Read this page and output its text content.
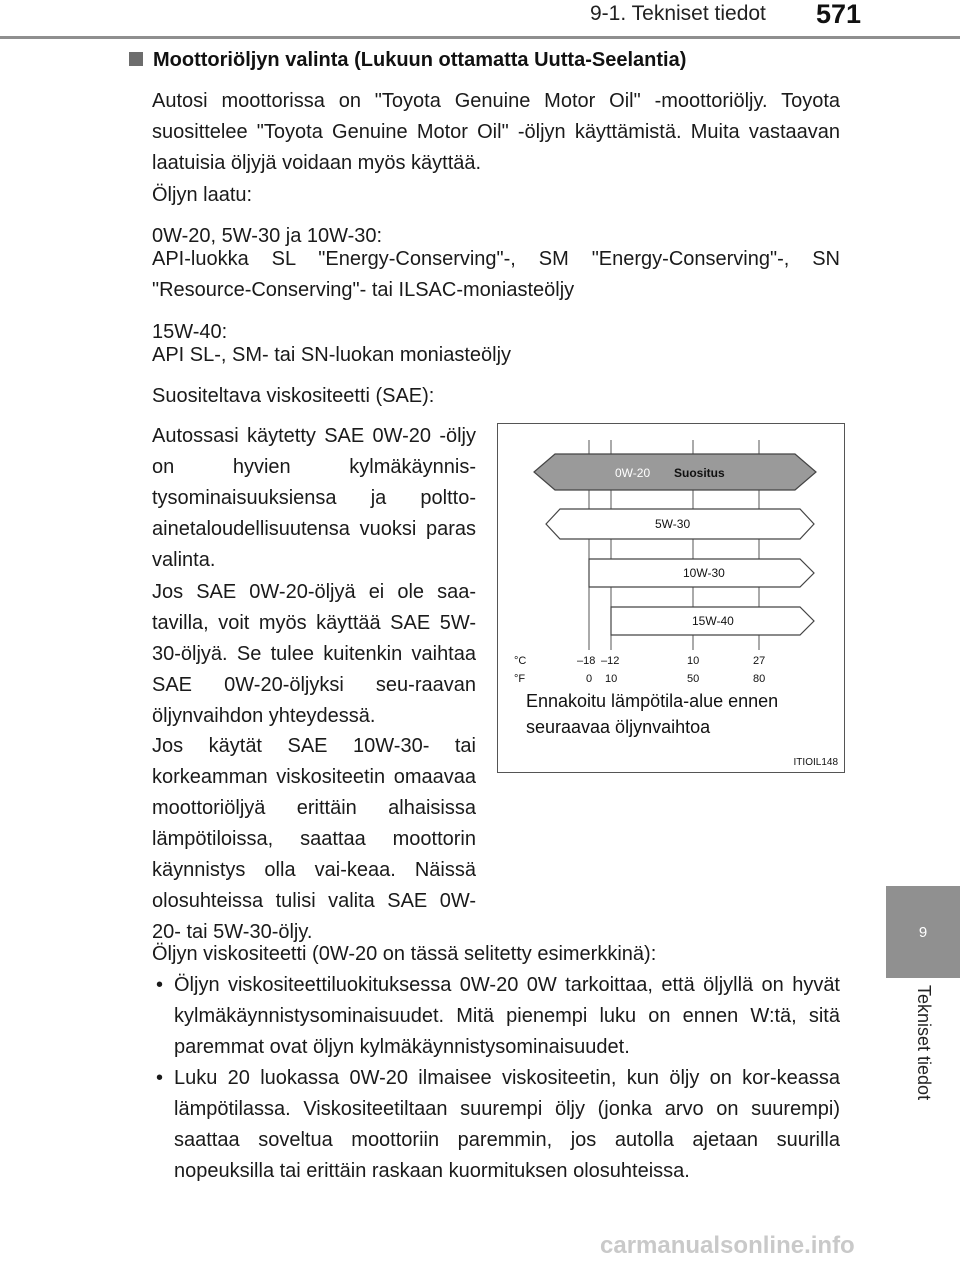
9-1. Tekniset tiedot 571
9
Tekniset tiedot
Moottoriöljyn valinta (Lukuun ottamatta Uutta-Seelantia)
Autosi moottorissa on "Toyota Genuine Motor Oil" -moottoriöljy. Toyota suosittelee "Toyota Genuine Motor Oil" -öljyn käyttämistä. Muita vastaavan laatuisia öljyjä voidaan myös käyttää.
Öljyn laatu:
0W-20, 5W-30 ja 10W-30:
API-luokka SL "Energy-Conserving"-, SM "Energy-Conserving"-, SN "Resource-Conserving"- tai ILSAC-moniasteöljy
15W-40:
API SL-, SM- tai SN-luokan moniasteöljy
Suositeltava viskositeetti (SAE):
Autossasi käytetty SAE 0W-20 -öljy on hyvien kylmäkäynnis-tysominaisuuksiensa ja poltto-ainetaloudellisuutensa vuoksi paras valinta.
Jos SAE 0W-20-öljyä ei ole saa-tavilla, voit myös käyttää SAE 5W-30-öljyä. Se tulee kuitenkin vaihtaa SAE 0W-20-öljyksi seu-raavan öljynvaihdon yhteydessä.
Jos käytät SAE 10W-30- tai korkeamman viskositeetin omaavaa moottoriöljyä erittäin alhaisissa lämpötiloissa, saattaa moottorin käynnistys olla vai-keaa. Näissä olosuhteissa tulisi valita SAE 0W-20- tai 5W-30-öljy.
0W-20 Suositus
5W-30
10W-30
15W-40
°C
°F
–18 –12	10	27
0 10	50	80
Ennakoitu lämpötila-alue ennen seuraavaa öljynvaihtoa
ITIOIL148
Öljyn viskositeetti (0W-20 on tässä selitetty esimerkkinä):
• Öljyn viskositeettiluokituksessa 0W-20 0W tarkoittaa, että öljyllä on hyvät kylmäkäynnistysominaisuudet. Mitä pienempi luku on ennen W:tä, sitä paremmat ovat öljyn kylmäkäynnistysominaisuudet.
• Luku 20 luokassa 0W-20 ilmaisee viskositeetin, kun öljy on kor-keassa lämpötilassa. Viskositeetiltaan suurempi öljy (jonka arvo on suurempi) saattaa soveltua moottoriin paremmin, jos autolla ajetaan suurilla nopeuksilla tai erittäin raskaan kuormituksen olosuhteissa.
carmanualsonline.info
